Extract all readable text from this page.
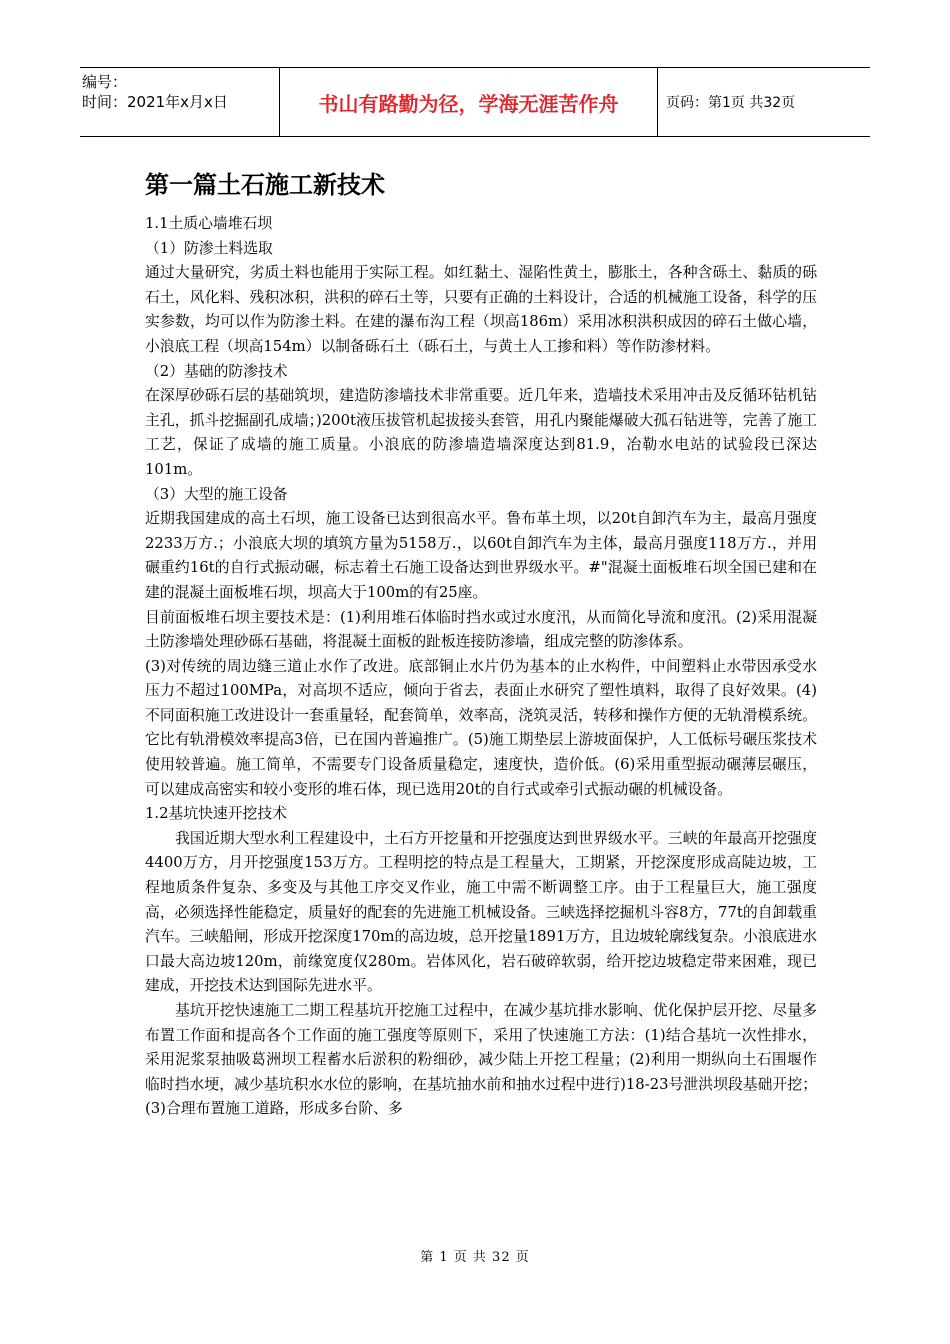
编号：
时间：2021年x月x日	书山有路勤为径，学海无涯苦作舟	页码：第1页 共32页
第一篇土石施工新技术

1.1土质心墙堆石坝

（1）防渗土料选取

通过大量研究，劣质土料也能用于实际工程。如红黏土、湿陷性黄土，膨胀土，各种含砾土、黏质的砾石土，风化料、残积冰积，洪积的碎石土等，只要有正确的土料设计，合适的机械施工设备，科学的压实参数，均可以作为防渗土料。在建的瀑布沟工程（坝高186m）采用冰积洪积成因的碎石土做心墙，小浪底工程（坝高154m）以制备砾石土（砾石土，与黄土人工掺和料）等作防渗材料。

（2）基础的防渗技术

在深厚砂砾石层的基础筑坝，建造防渗墙技术非常重要。近几年来，造墙技术采用冲击及反循环钻机钻主孔，抓斗挖掘副孔成墙；)200t液压拔管机起拔接头套管，用孔内聚能爆破大孤石钻进等，完善了施工工艺，保证了成墙的施工质量。小浪底的防渗墙造墙深度达到81.9，冶勒水电站的试验段已深达101m。

（3）大型的施工设备

近期我国建成的高土石坝，施工设备已达到很高水平。鲁布革土坝，以20t自卸汽车为主，最高月强度2233万方.；小浪底大坝的填筑方量为5158万.，以60t自卸汽车为主体，最高月强度118万方.，并用碾重约16t的自行式振动碾，标志着土石施工设备达到世界级水平。#"混凝土面板堆石坝全国已建和在建的混凝土面板堆石坝，坝高大于100m的有25座。

目前面板堆石坝主要技术是：(1)利用堆石体临时挡水或过水度汛，从而简化导流和度汛。(2)采用混凝土防渗墙处理砂砾石基础，将混凝土面板的趾板连接防渗墙，组成完整的防渗体系。

(3)对传统的周边缝三道止水作了改进。底部铜止水片仍为基本的止水构件，中间塑料止水带因承受水压力不超过100MPa，对高坝不适应，倾向于省去，表面止水研究了塑性填料，取得了良好效果。(4)不同面积施工改进设计一套重量轻，配套简单，效率高，浇筑灵活，转移和操作方便的无轨滑模系统。它比有轨滑模效率提高3倍，已在国内普遍推广。(5)施工期垫层上游坡面保护，人工低标号碾压浆技术使用较普遍。施工简单，不需要专门设备质量稳定，速度快，造价低。(6)采用重型振动碾薄层碾压，可以建成高密实和较小变形的堆石体，现已选用20t的自行式或牵引式振动碾的机械设备。

1.2基坑快速开挖技术

我国近期大型水利工程建设中，土石方开挖量和开挖强度达到世界级水平。三峡的年最高开挖强度4400万方，月开挖强度153万方。工程明挖的特点是工程量大，工期紧，开挖深度形成高陡边坡，工程地质条件复杂、多变及与其他工序交叉作业，施工中需不断调整工序。由于工程量巨大，施工强度高，必须选择性能稳定，质量好的配套的先进施工机械设备。三峡选择挖掘机斗容8方，77t的自卸载重汽车。三峡船闸，形成开挖深度170m的高边坡，总开挖量1891万方，且边坡轮廓线复杂。小浪底进水口最大高边坡120m，前缘宽度仅280m。岩体风化，岩石破碎软弱，给开挖边坡稳定带来困难，现已建成，开挖技术达到国际先进水平。

基坑开挖快速施工二期工程基坑开挖施工过程中，在减少基坑排水影响、优化保护层开挖、尽量多布置工作面和提高各个工作面的施工强度等原则下，采用了快速施工方法：(1)结合基坑一次性排水，采用泥浆泵抽吸葛洲坝工程蓄水后淤积的粉细砂，减少陆上开挖工程量；(2)利用一期纵向土石围堰作临时挡水埂，减少基坑积水水位的影响，在基坑抽水前和抽水过程中进行)18-23号泄洪坝段基础开挖；(3)合理布置施工道路，形成多台阶、多

第 1 页 共 32 页
